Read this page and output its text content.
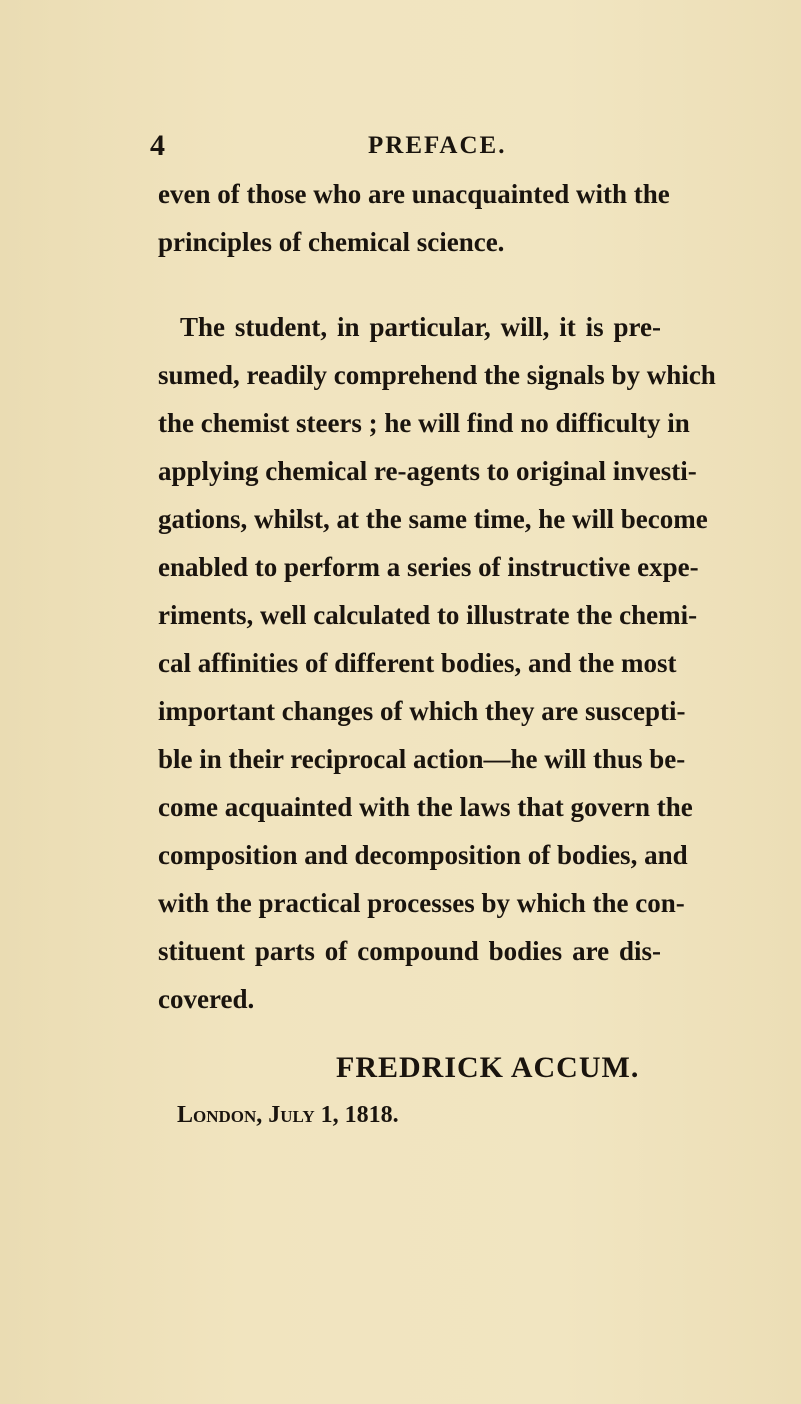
4	PREFACE.
even of those who are unacquainted with the
principles of chemical science.
The student, in particular, will, it is pre-
sumed, readily comprehend the signals by which
the chemist steers ; he will find no difficulty in
applying chemical re-agents to original investi-
gations, whilst, at the same time, he will become
enabled to perform a series of instructive expe-
riments, well calculated to illustrate the chemi-
cal affinities of different bodies, and the most
important changes of which they are suscepti-
ble in their reciprocal action—he will thus be-
come acquainted with the laws that govern the
composition and decomposition of bodies, and
with the practical processes by which the con-
stituent parts of compound bodies are dis-
covered.
FREDRICK ACCUM.
London, July 1, 1818.
